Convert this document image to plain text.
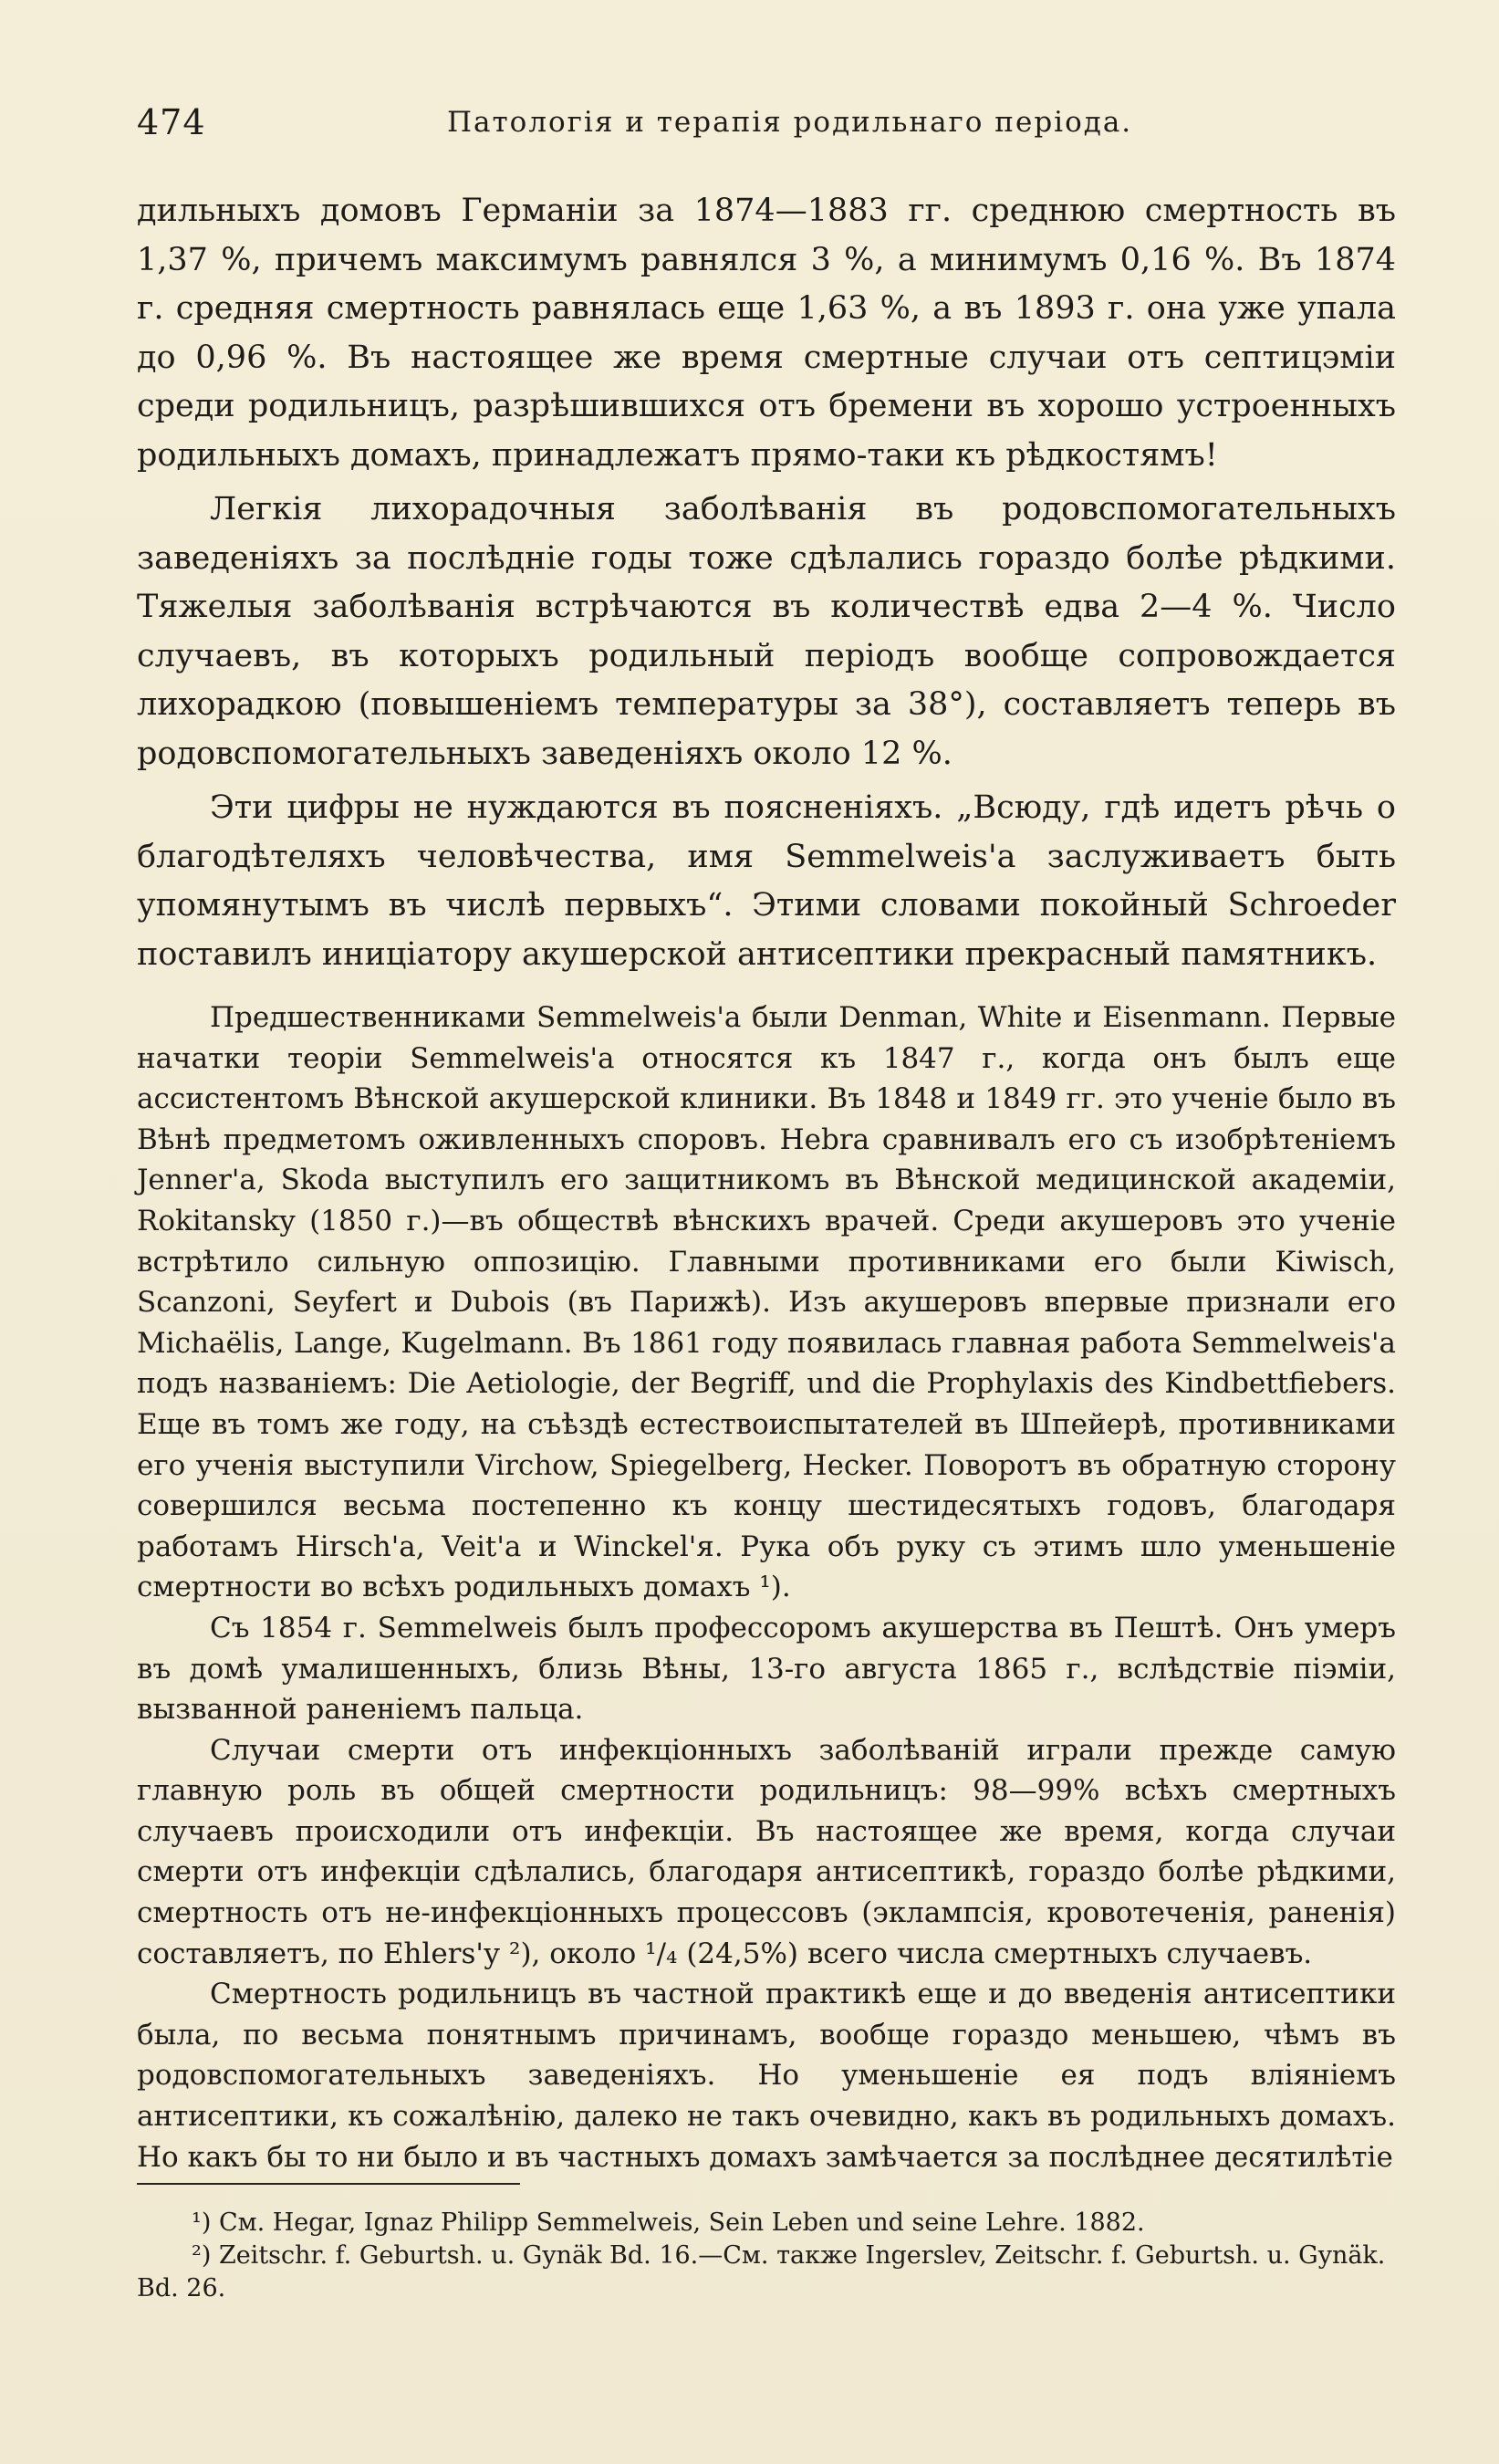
474	Патологія и терапія родильнаго періода.

дильныхъ домовъ Германіи за 1874—1883 гг. среднюю смертность въ 1,37 %, причемъ максимумъ равнялся 3 %, а минимумъ 0,16 %. Въ 1874 г. средняя смертность равнялась еще 1,63 %, а въ 1893 г. она уже упала до 0,96 %. Въ настоящее же время смертные случаи отъ септицэміи среди родильницъ, разрѣшившихся отъ бремени въ хорошо устроенныхъ родильныхъ домахъ, принадлежатъ прямо-таки къ рѣдкостямъ!

Легкія лихорадочныя заболѣванія въ родовспомогательныхъ заведеніяхъ за послѣдніе годы тоже сдѣлались гораздо болѣе рѣдкими. Тяжелыя заболѣванія встрѣчаются въ количествѣ едва 2—4 %. Число случаевъ, въ которыхъ родильный періодъ вообще сопровождается лихорадкою (повышеніемъ температуры за 38°), составляетъ теперь въ родовспомогательныхъ заведеніяхъ около 12 %.

Эти цифры не нуждаются въ поясненіяхъ. „Всюду, гдѣ идетъ рѣчь о благодѣтеляхъ человѣчества, имя Semmelweis'а заслуживаетъ быть упомянутымъ въ числѣ первыхъ“. Этими словами покойный Schroeder поставилъ иниціатору акушерской антисептики прекрасный памятникъ.

Предшественниками Semmelweis'а были Denman, White и Eisenmann. Первые начатки теоріи Semmelweis'а относятся къ 1847 г., когда онъ былъ еще ассистентомъ Вѣнской акушерской клиники. Въ 1848 и 1849 гг. это ученіе было въ Вѣнѣ предметомъ оживленныхъ споровъ. Hebra сравнивалъ его съ изобрѣтеніемъ Jenner'а, Skoda выступилъ его защитникомъ въ Вѣнской медицинской академіи, Rokitansky (1850 г.)—въ обществѣ вѣнскихъ врачей. Среди акушеровъ это ученіе встрѣтило сильную оппозицію. Главными противниками его были Kiwisch, Scanzoni, Seyfert и Dubois (въ Парижѣ). Изъ акушеровъ впервые признали его Michaëlis, Lange, Kugelmann. Въ 1861 году появилась главная работа Semmelweis'а подъ названіемъ: Die Aetiologie, der Begriff, und die Prophylaxis des Kindbettfiebers. Еще въ томъ же году, на съѣздѣ естествоиспытателей въ Шпейерѣ, противниками его ученія выступили Virchow, Spiegelberg, Hecker. Поворотъ въ обратную сторону совершился весьма постепенно къ концу шестидесятыхъ годовъ, благодаря работамъ Hirsch'а, Veit'а и Winckel'я. Рука объ руку съ этимъ шло уменьшеніе смертности во всѣхъ родильныхъ домахъ ¹).

Съ 1854 г. Semmelweis былъ профессоромъ акушерства въ Пештѣ. Онъ умеръ въ домѣ умалишенныхъ, близь Вѣны, 13-го августа 1865 г., вслѣдствіе пiэміи, вызванной раненіемъ пальца.

Случаи смерти отъ инфекціонныхъ заболѣваній играли прежде самую главную роль въ общей смертности родильницъ: 98—99% всѣхъ смертныхъ случаевъ происходили отъ инфекціи. Въ настоящее же время, когда случаи смерти отъ инфекціи сдѣлались, благодаря антисептикѣ, гораздо болѣе рѣдкими, смертность отъ не-инфекціонныхъ процессовъ (эклампсія, кровотеченія, раненія) составляетъ, по Ehlers'у ²), около ¹/₄ (24,5%) всего числа смертныхъ случаевъ.

Смертность родильницъ въ частной практикѣ еще и до введенія антисептики была, по весьма понятнымъ причинамъ, вообще гораздо меньшею, чѣмъ въ родовспомогательныхъ заведеніяхъ. Но уменьшеніе ея подъ вліяніемъ антисептики, къ сожалѣнію, далеко не такъ очевидно, какъ въ родильныхъ домахъ. Но какъ бы то ни было и въ частныхъ домахъ замѣчается за послѣднее десятилѣтіе

¹) См. Hegar, Ignaz Philipp Semmelweis, Sein Leben und seine Lehre. 1882.

²) Zeitschr. f. Geburtsh. u. Gynäk Bd. 16.—См. также Ingerslev, Zeitschr. f. Geburtsh. u. Gynäk. Bd. 26.
